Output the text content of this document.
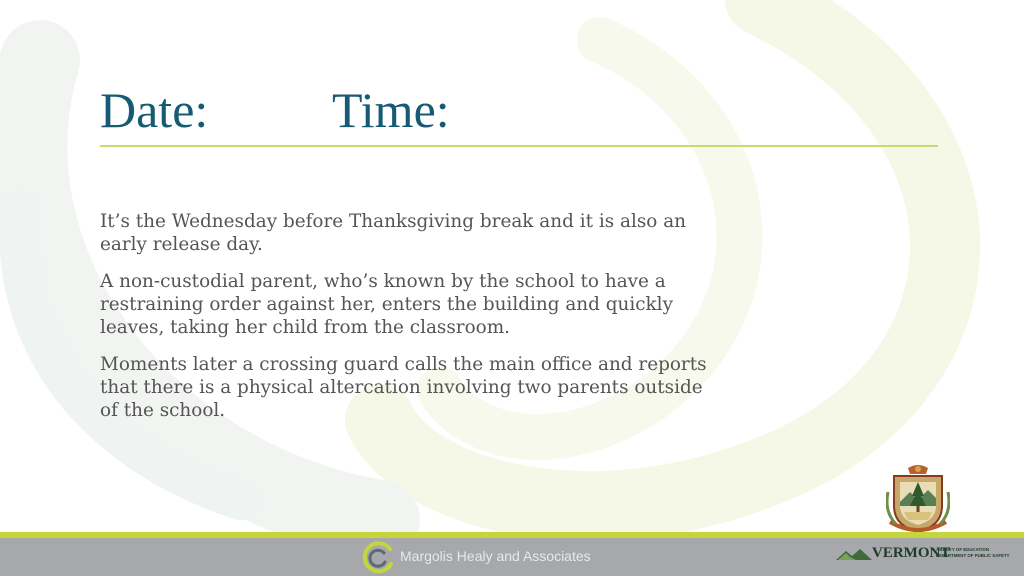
Date: Time:

It’s the Wednesday before Thanksgiving break and it is also an early release day.

A non-custodial parent, who’s known by the school to have a restraining order against her, enters the building and quickly leaves, taking her child from the classroom.

Moments later a crossing guard calls the main office and reports that there is a physical altercation involving two parents outside of the school.

Margolis Healy and Associates	VERMONT
AGENCY OF EDUCATION
DEPARTMENT OF PUBLIC SAFETY
